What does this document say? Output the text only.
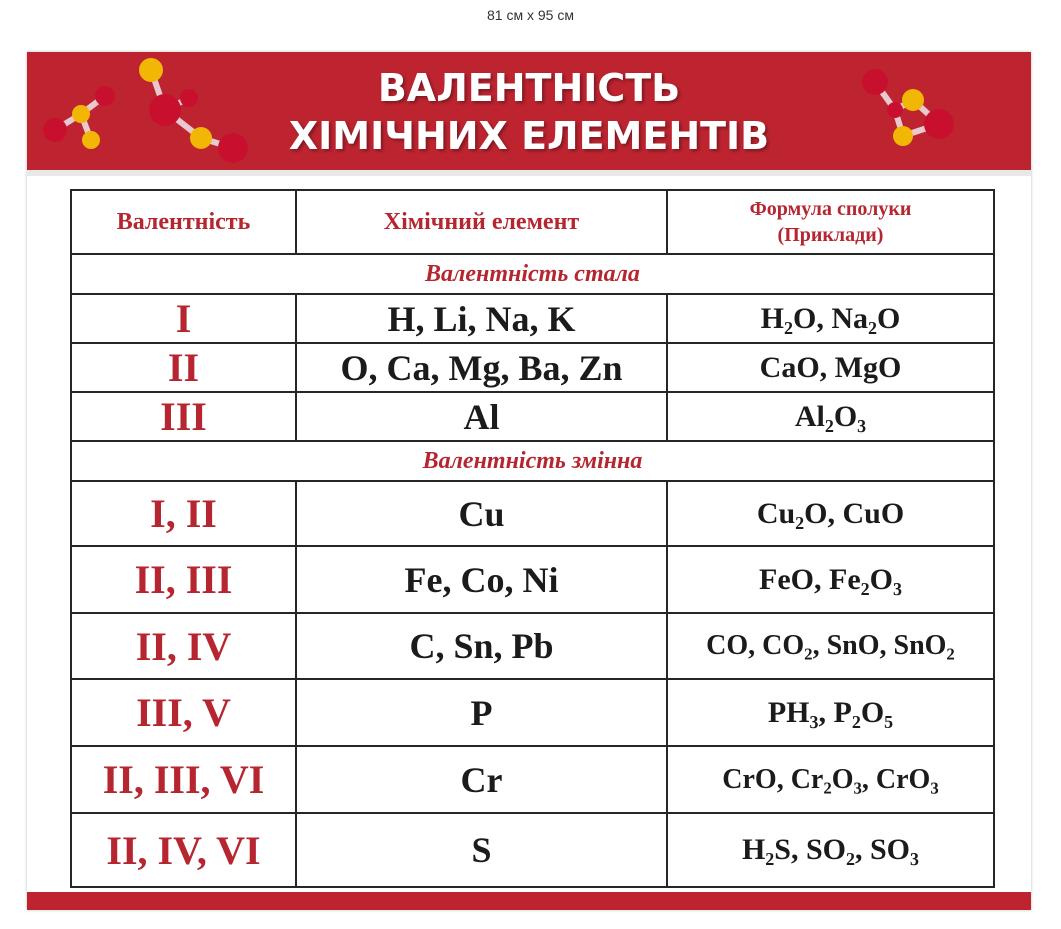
81 см x 95 см
ВАЛЕНТНІСТЬ
ХІМІЧНИХ ЕЛЕМЕНТІВ
Валентність	Хімічний елемент	Формула сполуки
(Приклади)

Валентність стала		
I	H, Li, Na, K	H₂O, Na₂O
II	O, Ca, Mg, Ba, Zn	CaO, MgO
III	Al	Al₂O₃
Валентність змінна		
I, II	Cu	Cu₂O, CuO
II, III	Fe, Co, Ni	FeO, Fe₂O₃
II, IV	C, Sn, Pb	CO, CO₂, SnO, SnO₂
III, V	P	PH₃, P₂O₅
II, III, VI	Cr	CrO, Cr₂O₃, CrO₃
II, IV, VI	S	H₂S, SO₂, SO₃
